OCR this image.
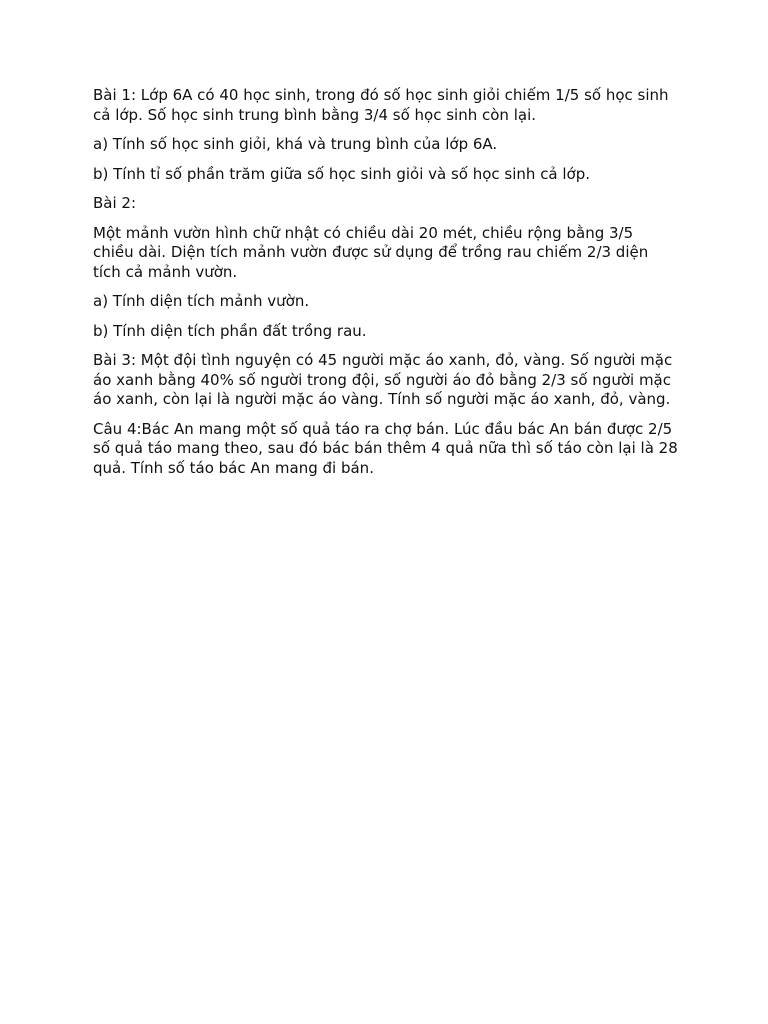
Bài 1: Lớp 6A có 40 học sinh, trong đó số học sinh giỏi chiếm 1/5 số học sinh cả lớp. Số học sinh trung bình bằng 3/4 số học sinh còn lại.

a) Tính số học sinh giỏi, khá và trung bình của lớp 6A.

b) Tính tỉ số phần trăm giữa số học sinh giỏi và số học sinh cả lớp.

Bài 2:

Một mảnh vườn hình chữ nhật có chiều dài 20 mét, chiều rộng bằng 3/5 chiều dài. Diện tích mảnh vườn được sử dụng để trồng rau chiếm 2/3 diện tích cả mảnh vườn.

a) Tính diện tích mảnh vườn.

b) Tính diện tích phần đất trồng rau.

Bài 3: Một đội tình nguyện có 45 người mặc áo xanh, đỏ, vàng. Số người mặc áo xanh bằng 40% số người trong đội, số người áo đỏ bằng 2/3 số người mặc áo xanh, còn lại là người mặc áo vàng. Tính số người mặc áo xanh, đỏ, vàng.

Câu 4:Bác An mang một số quả táo ra chợ bán. Lúc đầu bác An bán được 2/5 số quả táo mang theo, sau đó bác bán thêm 4 quả nữa thì số táo còn lại là 28 quả. Tính số táo bác An mang đi bán.
